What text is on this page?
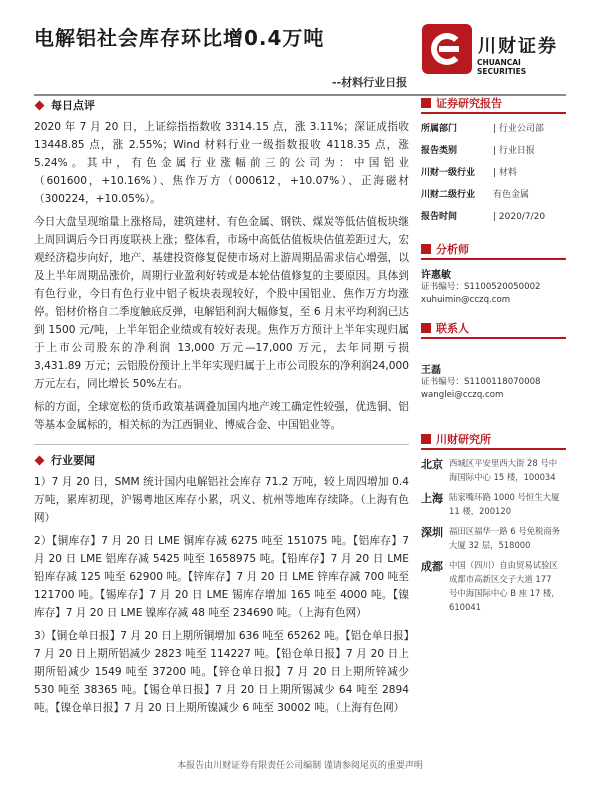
电解铝社会库存环比增0.4万吨
--材料行业日报
川财证券
CHUANCAI SECURITIES
每日点评

2020 年 7 月 20 日，上证综指指数收 3314.15 点，涨 3.11%；深证成指收 13448.85 点，涨 2.55%；Wind 材料行业一级指数报收 4118.35 点，涨 5.24%。其中，有色金属行业涨幅前三的公司为：中国铝业（601600，+10.16%）、焦作万方（000612，+10.07%）、正海磁材（300224，+10.05%）。

今日大盘呈现缩量上涨格局，建筑建材、有色金属、钢铁、煤炭等低估值板块继上周回调后今日再度联袂上涨；整体看，市场中高低估值板块估值差距过大，宏观经济稳步向好，地产、基建投资修复促使市场对上游周期品需求信心增强，以及上半年周期品涨价，周期行业盈利好转或是本轮估值修复的主要原因。具体到有色行业，今日有色行业中铝子板块表现较好，个股中国铝业、焦作万方均涨停。铝材价格自二季度触底反弹，电解铝利润大幅修复，至 6 月末平均利润已达到 1500 元/吨，上半年铝企业绩或有较好表现。焦作万方预计上半年实现归属于上市公司股东的净利润 13,000 万元—17,000 万元，去年同期亏损3,431.89 万元；云铝股份预计上半年实现归属于上市公司股东的净利润24,000 万元左右，同比增长 50%左右。

标的方面，全球宽松的货币政策基调叠加国内地产竣工确定性较强，优选铜、铝等基本金属标的，相关标的为江西铜业、博威合金、中国铝业等。

行业要闻

1）7 月 20 日，SMM 统计国内电解铝社会库存 71.2 万吨，较上周四增加 0.4 万吨，累库初现，沪锡粤地区库存小累，巩义、杭州等地库存续降。（上海有色网）

2）【铜库存】7 月 20 日 LME 铜库存减 6275 吨至 151075 吨。【铝库存】7 月 20 日 LME 铝库存减 5425 吨至 1658975 吨。【铅库存】7 月 20 日 LME 铅库存减 125 吨至 62900 吨。【锌库存】7 月 20 日 LME 锌库存减 700 吨至 121700 吨。【锡库存】7 月 20 日 LME 锡库存增加 165 吨至 4000 吨。【镍库存】7 月 20 日 LME 镍库存减 48 吨至 234690 吨。（上海有色网）

3）【铜仓单日报】7 月 20 日上期所铜增加 636 吨至 65262 吨。【铝仓单日报】7 月 20 日上期所铝减少 2823 吨至 114227 吨。【铅仓单日报】7 月 20 日上期所铅减少 1549 吨至 37200 吨。【锌仓单日报】7 月 20 日上期所锌减少 530 吨至 38365 吨。【锡仓单日报】7 月 20 日上期所锡减少 64 吨至 2894 吨。【镍仓单日报】7 月 20 日上期所镍减少 6 吨至 30002 吨。（上海有色网）

证券研究报告
所属部门	| 行业公司部
报告类别	| 行业日报
川财一级行业	| 材料
川财二级行业	有色金属
报告时间	| 2020/7/20
分析师
许惠敏
证书编号：S1100520050002
xuhuimin@cczq.com
联系人
王磊
证书编号：S1100118070008
wanglei@cczq.com
川财研究所
北京 西城区平安里西大街 28 号中海国际中心 15 楼，100034
上海 陆家嘴环路 1000 号恒生大厦 11 楼，200120
深圳 福田区福华一路 6 号免税商务大厦 32 层，518000
成都 中国（四川）自由贸易试验区成都市高新区交子大道 177 号中海国际中心 B 座 17 楼，610041
本报告由川财证券有限责任公司编制 谨请参阅尾页的重要声明
